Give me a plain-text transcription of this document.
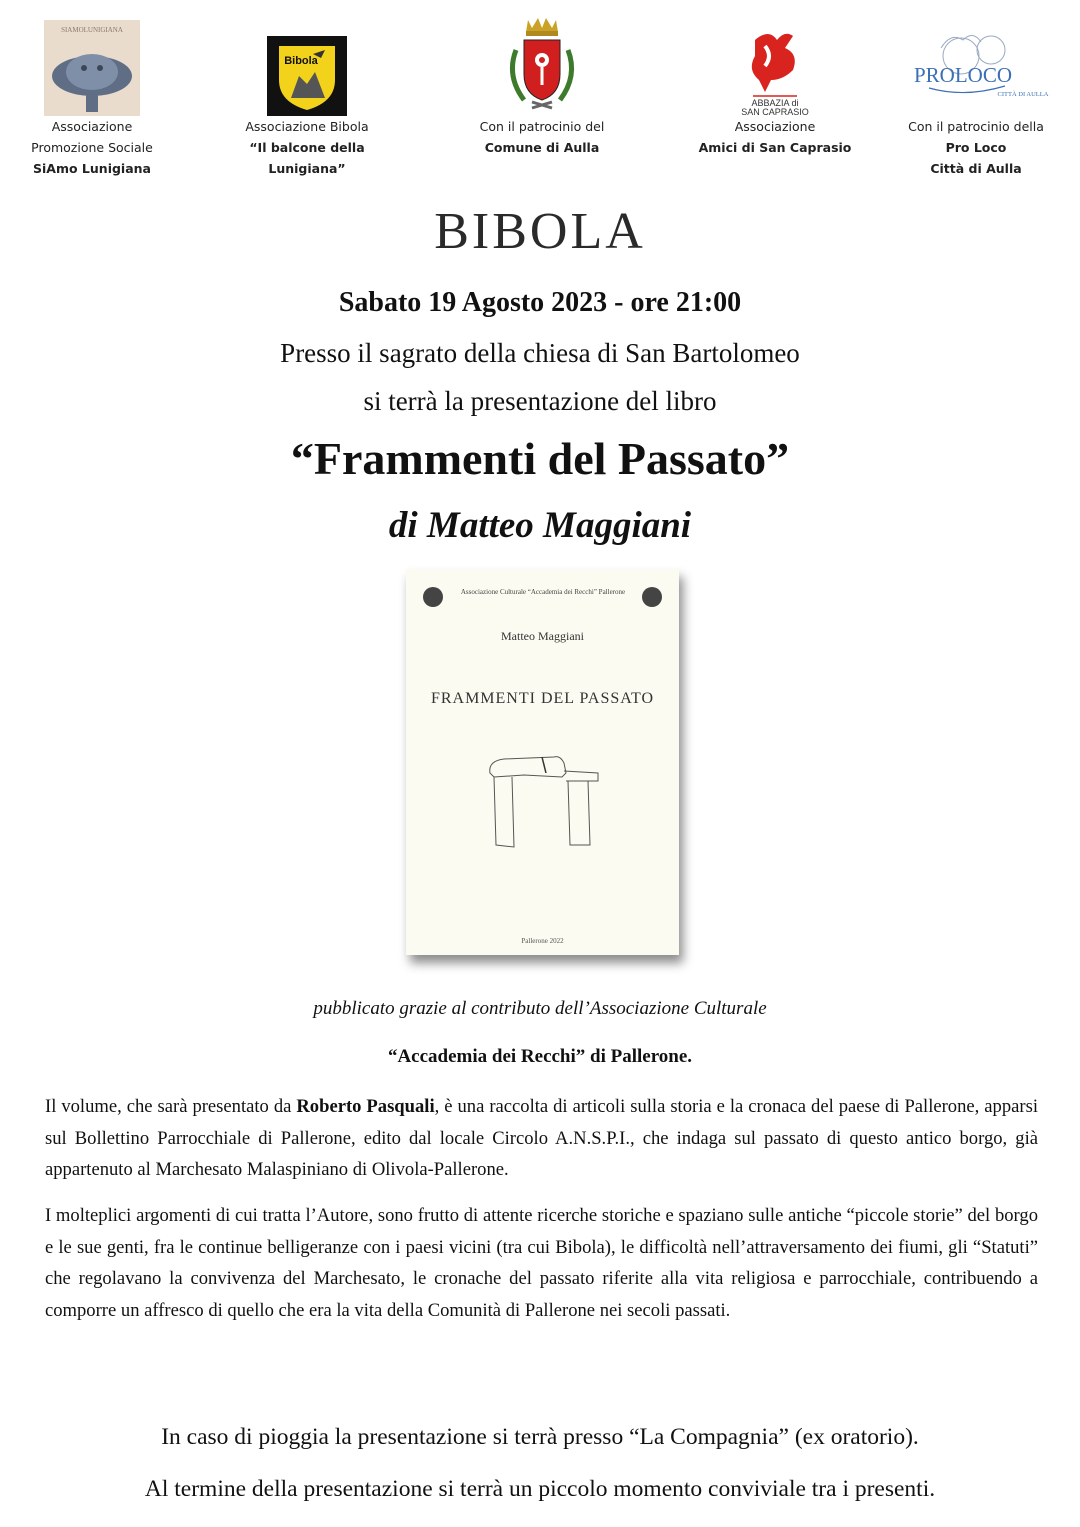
SIAMOLUNIGIANA
Associazione
Promozione Sociale
SiAmo Lunigiana
Bibola
Associazione Bibola
“Il balcone della
Lunigiana”
Con il patrocinio del
Comune di Aulla
ABBAZIA di
SAN CAPRASIO
Associazione
Amici di San Caprasio
PROLOCO
CITTÀ DI AULLA
Con il patrocinio della
Pro Loco
Città di Aulla
BIBOLA
Sabato 19 Agosto 2023 - ore 21:00
Presso il sagrato della chiesa di San Bartolomeo
si terrà la presentazione del libro
“Frammenti del Passato”
di Matteo Maggiani
Associazione Culturale “Accademia dei Recchi” Pallerone
Matteo Maggiani
FRAMMENTI DEL PASSATO
Pallerone 2022
pubblicato grazie al contributo dell’Associazione Culturale
“Accademia dei Recchi” di Pallerone.
Il volume, che sarà presentato da Roberto Pasquali, è una raccolta di articoli sulla storia e la cronaca del paese di Pallerone, apparsi sul Bollettino Parrocchiale di Pallerone, edito dal locale Circolo A.N.S.P.I., che indaga sul passato di questo antico borgo, già appartenuto al Marchesato Malaspiniano di Olivola-Pallerone.
I molteplici argomenti di cui tratta l’Autore, sono frutto di attente ricerche storiche e spaziano sulle antiche “piccole storie” del borgo e le sue genti, fra le continue belligeranze con i paesi vicini (tra cui Bibola), le difficoltà nell’attraversamento dei fiumi, gli “Statuti” che regolavano la convivenza del Marchesato, le cronache del passato riferite alla vita religiosa e parrocchiale, contribuendo a comporre un affresco di quello che era la vita della Comunità di Pallerone nei secoli passati.
In caso di pioggia la presentazione si terrà presso “La Compagnia” (ex oratorio).
Al termine della presentazione si terrà un piccolo momento conviviale tra i presenti.
